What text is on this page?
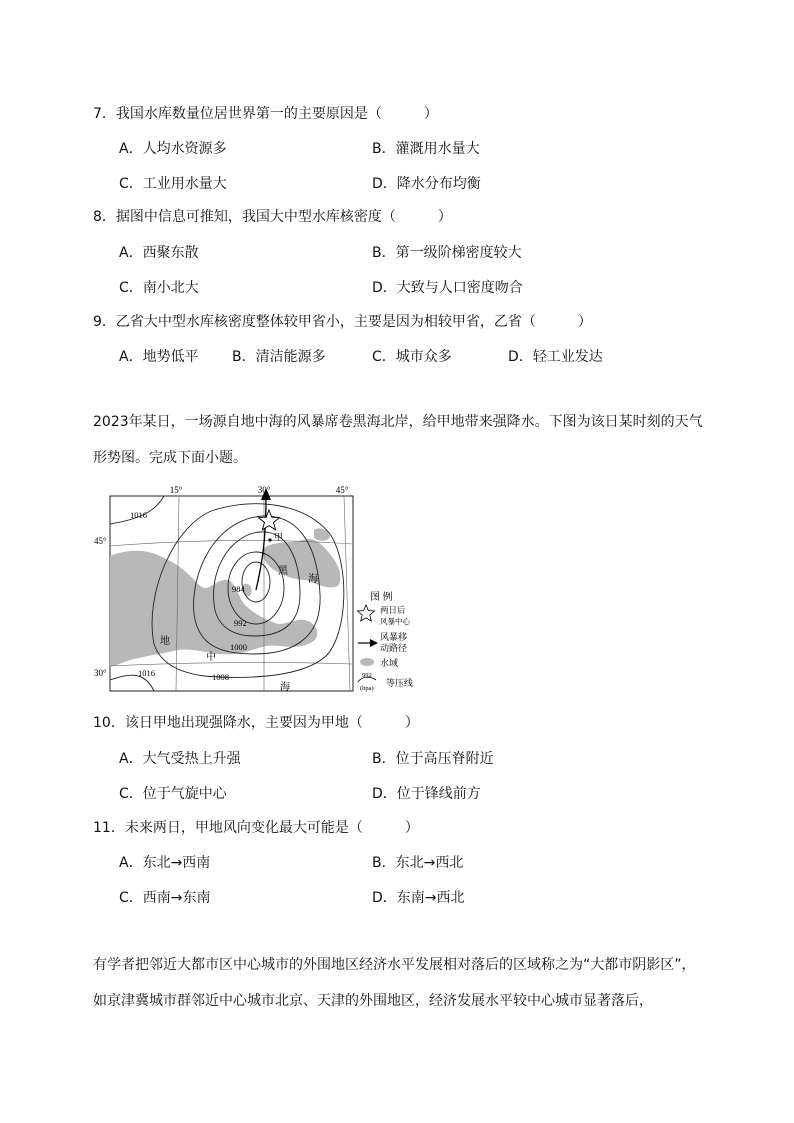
7．我国水库数量位居世界第一的主要原因是（　　　）
A．人均水资源多	B．灌溉用水量大
C．工业用水量大	D．降水分布均衡
8．据图中信息可推知，我国大中型水库核密度（　　　）
A．西聚东散	B．第一级阶梯密度较大
C．南小北大	D．大致与人口密度吻合
9．乙省大中型水库核密度整体较甲省小，主要是因为相较甲省，乙省（　　　）
A．地势低平 B．清洁能源多	C．城市众多	D．轻工业发达
2023年某日，一场源自地中海的风暴席卷黑海北岸，给甲地带来强降水。下图为该日某时刻的天气形势图。完成下面小题。
15°	30°	45°
45°
30°
1016
984
992
1000
1008
1016
甲
黑
海
地
中
海
图 例
两日后
风暴中心
风暴移
动路径
水域
992
(hpa)
等压线
10．该日甲地出现强降水，主要因为甲地（　　　）
A．大气受热上升强	B．位于高压脊附近
C．位于气旋中心	D．位于锋线前方
11．未来两日，甲地风向变化最大可能是（　　　）
A．东北→西南	B．东北→西北
C．西南→东南	D．东南→西北
有学者把邻近大都市区中心城市的外围地区经济水平发展相对落后的区域称之为“大都市阴影区”，如京津冀城市群邻近中心城市北京、天津的外围地区，经济发展水平较中心城市显著落后，
